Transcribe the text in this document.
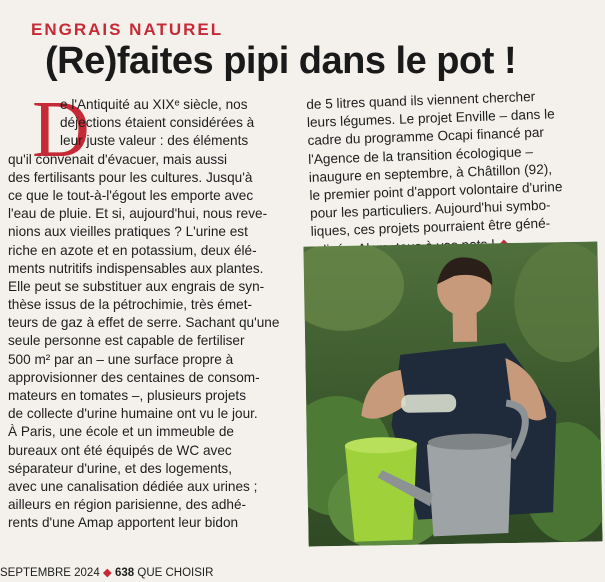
ENGRAIS NATUREL
(Re)faites pipi dans le pot !
D
e l'Antiquité au XIXᵉ siècle, nos
déjections étaient considérées à
leur juste valeur : des éléments
qu'il convenait d'évacuer, mais aussi
des fertilisants pour les cultures. Jusqu'à
ce que le tout-à-l'égout les emporte avec
l'eau de pluie. Et si, aujourd'hui, nous reve-
nions aux vieilles pratiques ? L'urine est
riche en azote et en potassium, deux élé-
ments nutritifs indispensables aux plantes.
Elle peut se substituer aux engrais de syn-
thèse issus de la pétrochimie, très émet-
teurs de gaz à effet de serre. Sachant qu'une
seule personne est capable de fertiliser
500 m² par an – une surface propre à
approvisionner des centaines de consom-
mateurs en tomates –, plusieurs projets
de collecte d'urine humaine ont vu le jour.
À Paris, une école et un immeuble de
bureaux ont été équipés de WC avec
séparateur d'urine, et des logements,
avec une canalisation dédiée aux urines ;
ailleurs en région parisienne, des adhé-
rents d'une Amap apportent leur bidon
de 5 litres quand ils viennent chercher
leurs légumes. Le projet Enville – dans le
cadre du programme Ocapi financé par
l'Agence de la transition écologique –
inaugure en septembre, à Châtillon (92),
le premier point d'apport volontaire d'urine
pour les particuliers. Aujourd'hui symbo-
liques, ces projets pourraient être géné-
SEPTEMBRE 2024 ◆ 638 QUE CHOISIR
